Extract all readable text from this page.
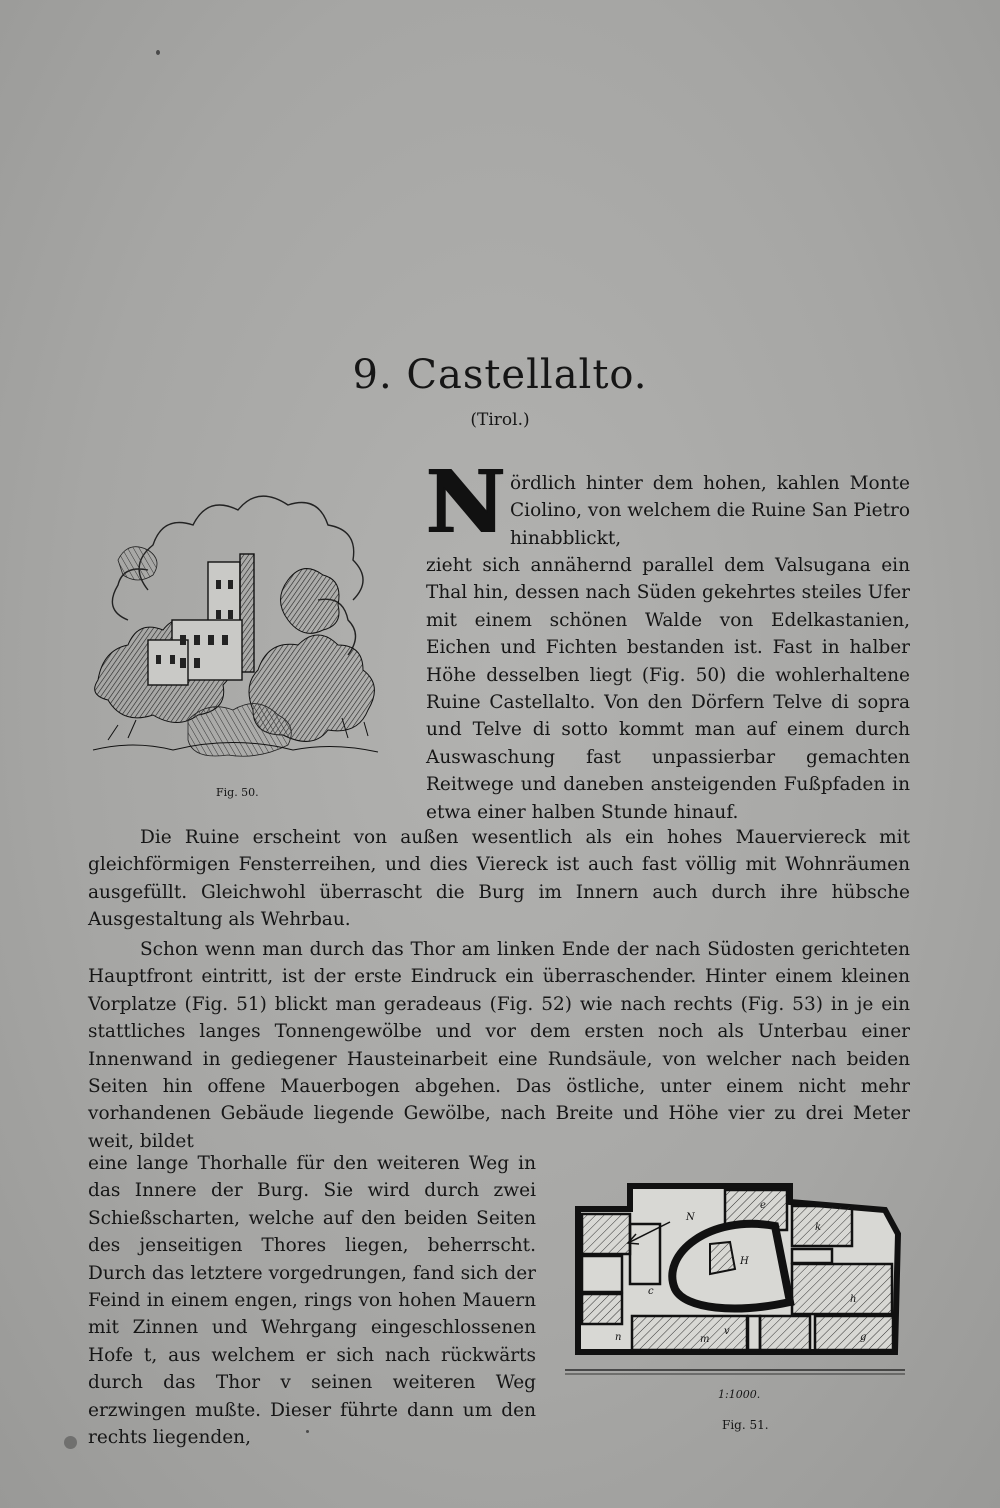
9. Castellalto.
(Tirol.)
Fig. 50.
N ördlich hinter dem hohen, kahlen Monte Ciolino, von welchem die Ruine San Pietro hinabblickt,

zieht sich annähernd parallel dem Valsugana ein Thal hin, dessen nach Süden gekehrtes steiles Ufer mit einem schönen Walde von Edelkastanien, Eichen und Fichten bestanden ist. Fast in halber Höhe desselben liegt (Fig. 50) die wohlerhaltene Ruine Castellalto. Von den Dörfern Telve di sopra und Telve di sotto kommt man auf einem durch Auswaschung fast unpassierbar gemachten Reitwege und daneben ansteigenden Fußpfaden in etwa einer halben Stunde hinauf.

Die Ruine erscheint von außen wesentlich als ein hohes Mauerviereck mit gleichförmigen Fensterreihen, und dies Viereck ist auch fast völlig mit Wohnräumen ausgefüllt. Gleichwohl überrascht die Burg im Innern auch durch ihre hübsche Ausgestaltung als Wehrbau.

Schon wenn man durch das Thor am linken Ende der nach Südosten gerichteten Hauptfront eintritt, ist der erste Eindruck ein überraschender. Hinter einem kleinen Vorplatze (Fig. 51) blickt man geradeaus (Fig. 52) wie nach rechts (Fig. 53) in je ein stattliches langes Tonnengewölbe und vor dem ersten noch als Unterbau einer Innenwand in gediegener Hausteinarbeit eine Rundsäule, von welcher nach beiden Seiten hin offene Mauerbogen abgehen. Das östliche, unter einem nicht mehr vorhandenen Gebäude liegende Gewölbe, nach Breite und Höhe vier zu drei Meter weit, bildet

eine lange Thorhalle für den weiteren Weg in das Innere der Burg. Sie wird durch zwei Schießscharten, welche auf den beiden Seiten des jenseitigen Thores liegen, beherrscht. Durch das letztere vorgedrungen, fand sich der Feind in einem engen, rings von hohen Mauern mit Zinnen und Wehrgang eingeschlossenen Hofe t, aus welchem er sich nach rückwärts durch das Thor v seinen weiteren Weg erzwingen mußte. Dieser führte dann um den rechts liegenden,

N
H
t
v
n	m
h
g
k
c
e
1:1000.
Fig. 51.
